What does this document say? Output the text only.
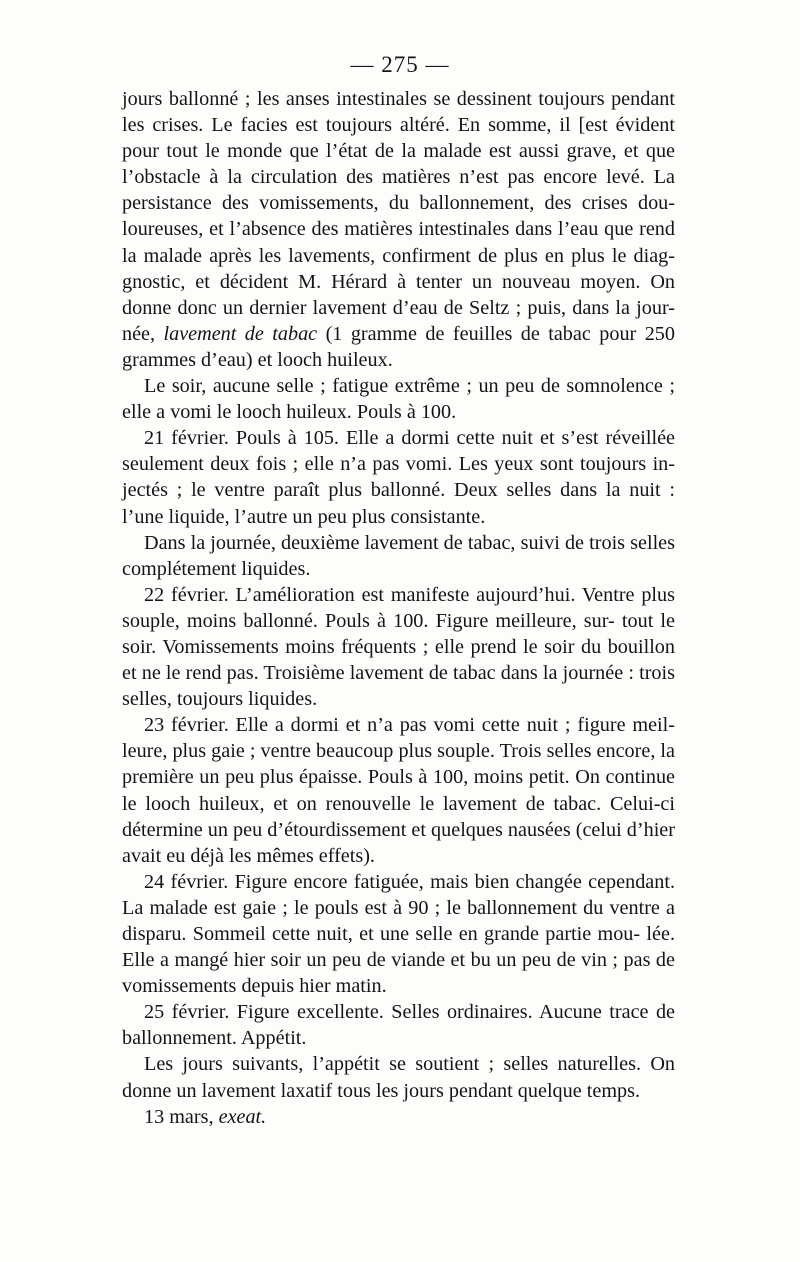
— 275 —

jours ballonné ; les anses intestinales se dessinent toujours pendant les crises. Le facies est toujours altéré. En somme, il [est évident pour tout le monde que l’état de la malade est aussi grave, et que l’obstacle à la circulation des matières n’est pas encore levé. La persistance des vomissements, du ballonnement, des crises dou- loureuses, et l’absence des matières intestinales dans l’eau que rend la malade après les lavements, confirment de plus en plus le diag- gnostic, et décident M. Hérard à tenter un nouveau moyen. On donne donc un dernier lavement d’eau de Seltz ; puis, dans la jour- née, lavement de tabac (1 gramme de feuilles de tabac pour 250 grammes d’eau) et looch huileux.

Le soir, aucune selle ; fatigue extrême ; un peu de somnolence ; elle a vomi le looch huileux. Pouls à 100.

21 février. Pouls à 105. Elle a dormi cette nuit et s’est réveillée seulement deux fois ; elle n’a pas vomi. Les yeux sont toujours in- jectés ; le ventre paraît plus ballonné. Deux selles dans la nuit : l’une liquide, l’autre un peu plus consistante.

Dans la journée, deuxième lavement de tabac, suivi de trois selles complétement liquides.

22 février. L’amélioration est manifeste aujourd’hui. Ventre plus souple, moins ballonné. Pouls à 100. Figure meilleure, sur- tout le soir. Vomissements moins fréquents ; elle prend le soir du bouillon et ne le rend pas. Troisième lavement de tabac dans la journée : trois selles, toujours liquides.

23 février. Elle a dormi et n’a pas vomi cette nuit ; figure meil- leure, plus gaie ; ventre beaucoup plus souple. Trois selles encore, la première un peu plus épaisse. Pouls à 100, moins petit. On continue le looch huileux, et on renouvelle le lavement de tabac. Celui-ci détermine un peu d’étourdissement et quelques nausées (celui d’hier avait eu déjà les mêmes effets).

24 février. Figure encore fatiguée, mais bien changée cependant. La malade est gaie ; le pouls est à 90 ; le ballonnement du ventre a disparu. Sommeil cette nuit, et une selle en grande partie mou- lée. Elle a mangé hier soir un peu de viande et bu un peu de vin ; pas de vomissements depuis hier matin.

25 février. Figure excellente. Selles ordinaires. Aucune trace de ballonnement. Appétit.

Les jours suivants, l’appétit se soutient ; selles naturelles. On donne un lavement laxatif tous les jours pendant quelque temps.

13 mars, exeat.
